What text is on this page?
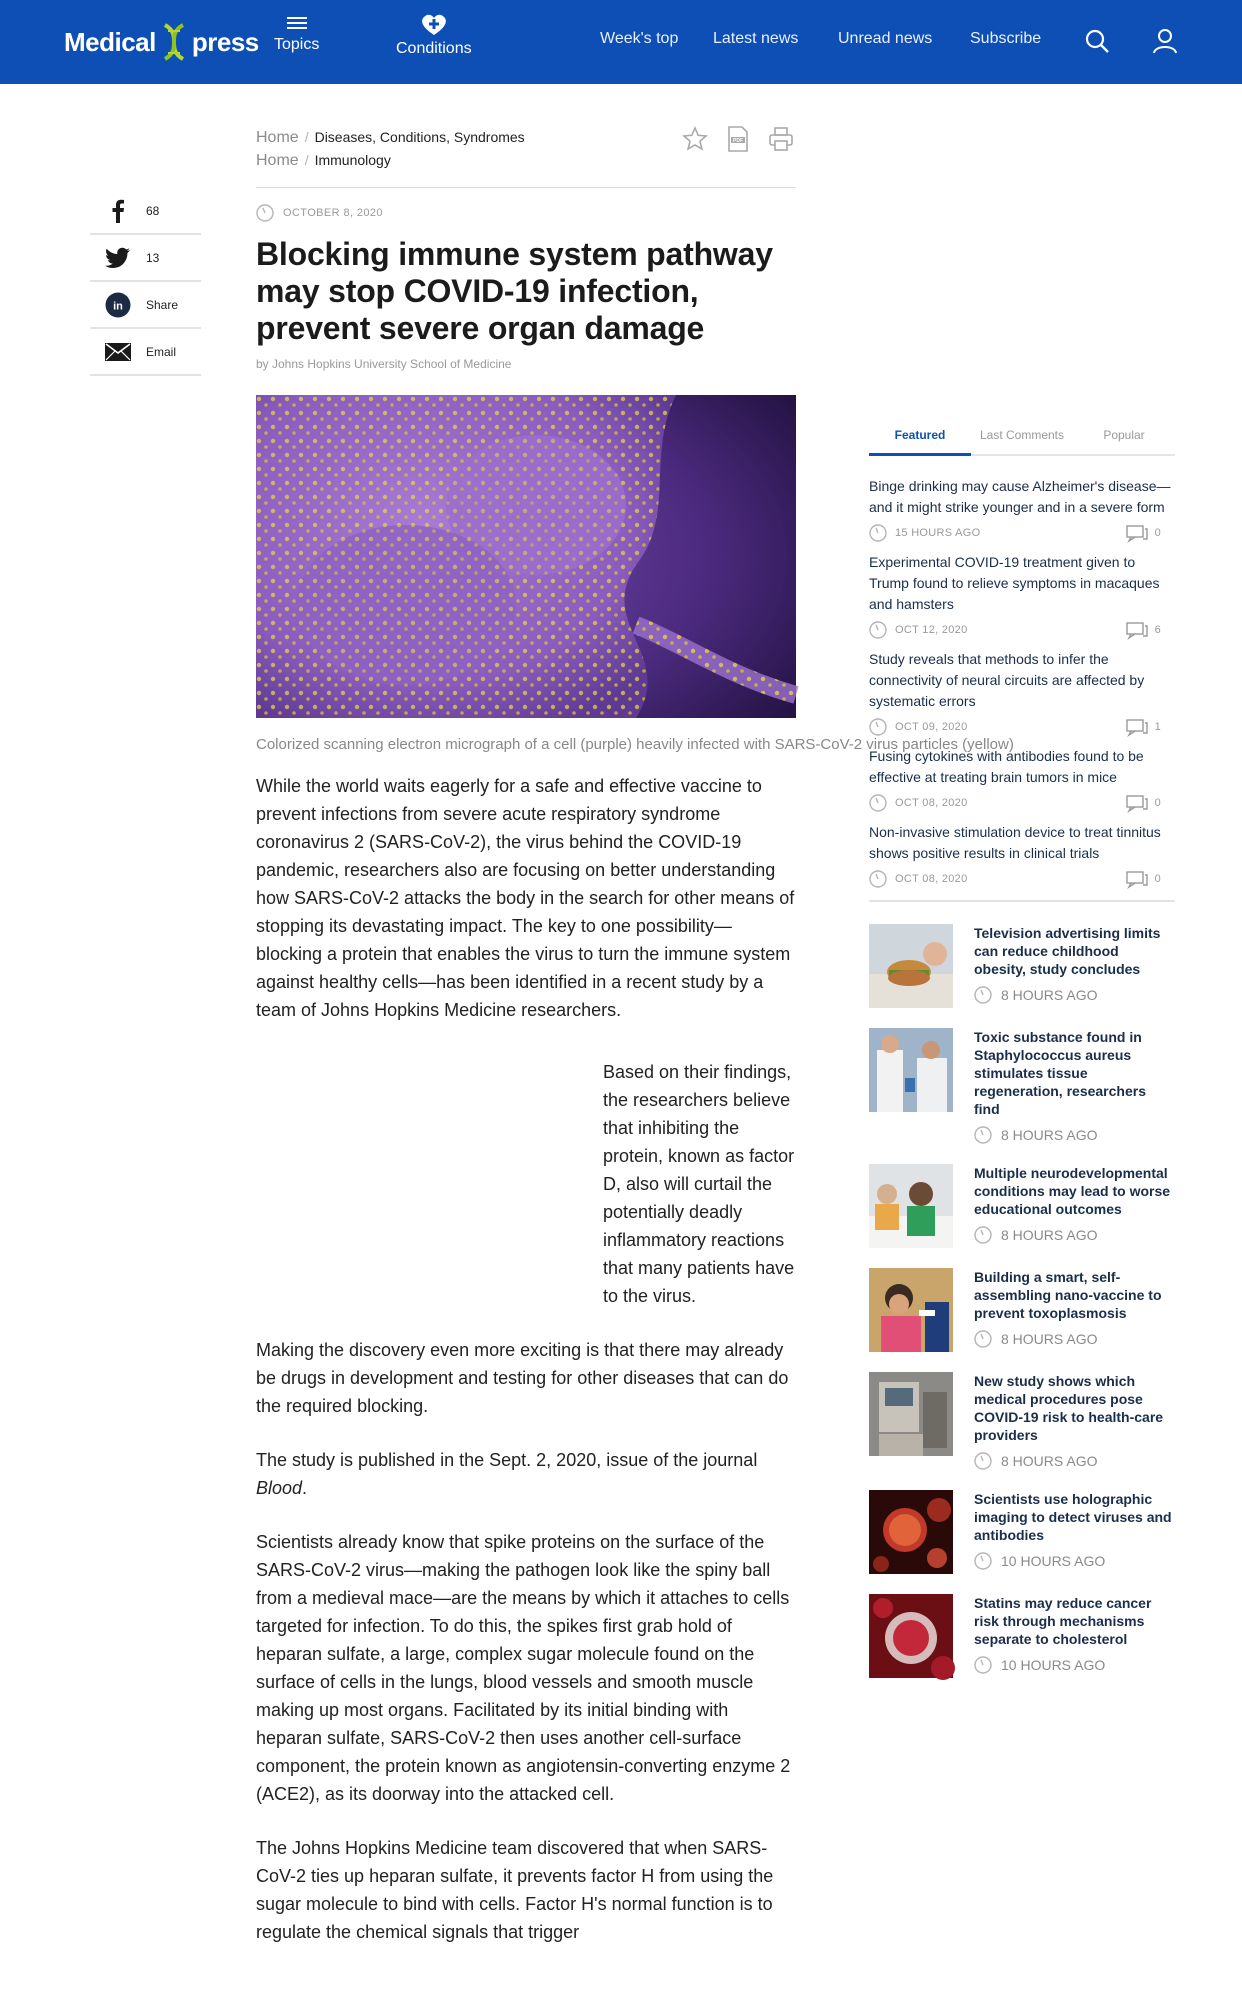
Medical press Topics	Conditions
Week's top Latest news Unread news Subscribe
68
13
in Share
Email
Home / Diseases, Conditions, Syndromes
Home / Immunology
PDF
OCTOBER 8, 2020
Blocking immune system pathway may stop COVID-19 infection, prevent severe organ damage
by Johns Hopkins University School of Medicine
Colorized scanning electron micrograph of a cell (purple) heavily infected with SARS-CoV-2 virus particles (yellow)

While the world waits eagerly for a safe and effective vaccine to prevent infections from severe acute respiratory syndrome coronavirus 2 (SARS-CoV-2), the virus behind the COVID-19 pandemic, researchers also are focusing on better understanding how SARS-CoV-2 attacks the body in the search for other means of stopping its devastating impact. The key to one possibility—blocking a protein that enables the virus to turn the immune system against healthy cells—has been identified in a recent study by a team of Johns Hopkins Medicine researchers.

Based on their findings, the researchers believe that inhibiting the protein, known as factor D, also will curtail the potentially deadly inflammatory reactions that many patients have to the virus.

Making the discovery even more exciting is that there may already be drugs in development and testing for other diseases that can do the required blocking.

The study is published in the Sept. 2, 2020, issue of the journal Blood.

Scientists already know that spike proteins on the surface of the SARS-CoV-2 virus—making the pathogen look like the spiny ball from a medieval mace—are the means by which it attaches to cells targeted for infection. To do this, the spikes first grab hold of heparan sulfate, a large, complex sugar molecule found on the surface of cells in the lungs, blood vessels and smooth muscle making up most organs. Facilitated by its initial binding with heparan sulfate, SARS-CoV-2 then uses another cell-surface component, the protein known as angiotensin-converting enzyme 2 (ACE2), as its doorway into the attacked cell.

The Johns Hopkins Medicine team discovered that when SARS-CoV-2 ties up heparan sulfate, it prevents factor H from using the sugar molecule to bind with cells. Factor H's normal function is to regulate the chemical signals that trigger

Featured	Last Comments	Popular
Binge drinking may cause Alzheimer's disease—and it might strike younger and in a severe form
15 HOURS AGO	0
Experimental COVID-19 treatment given to Trump found to relieve symptoms in macaques and hamsters
OCT 12, 2020	6
Study reveals that methods to infer the connectivity of neural circuits are affected by systematic errors
OCT 09, 2020	1
Fusing cytokines with antibodies found to be effective at treating brain tumors in mice
OCT 08, 2020	0
Non-invasive stimulation device to treat tinnitus shows positive results in clinical trials
OCT 08, 2020	0
Television advertising limits can reduce childhood obesity, study concludes
8 HOURS AGO
Toxic substance found in Staphylococcus aureus stimulates tissue regeneration, researchers find
8 HOURS AGO
Multiple neurodevelopmental conditions may lead to worse educational outcomes
8 HOURS AGO
Building a smart, self-assembling nano-vaccine to prevent toxoplasmosis
8 HOURS AGO
New study shows which medical procedures pose COVID-19 risk to health-care providers
8 HOURS AGO
Scientists use holographic imaging to detect viruses and antibodies
10 HOURS AGO
Statins may reduce cancer risk through mechanisms separate to cholesterol
10 HOURS AGO
